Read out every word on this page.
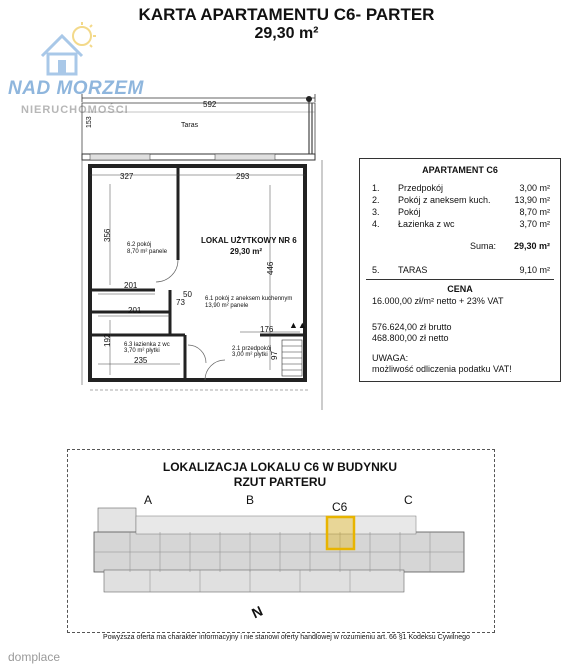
KARTA APARTAMENTU C6- PARTER
29,30 m²
NAD MORZEM
NIERUCHOMOŚCI	592
Taras
153
327	293
356
446
201
201
73
50
176
192
235
97
LOKAL UŻYTKOWY NR 6
29,30 m²
6.2 pokój
8,70 m² panele
6.1 pokój z aneksem kuchennym
13,90 m² panele
6.3 łazienka z wc
3,70 m² płytki	2.1 przedpokój
3,00 m² płytki
▲▲
APARTAMENT C6
1. Przedpokój	3,00 m²
2. Pokój z aneksem kuch.	13,90 m²
3. Pokój	8,70 m²
4. Łazienka z wc	3,70 m²
Suma: 29,30 m²
5. TARAS	9,10 m²
CENA
16.000,00 zł/m² netto + 23% VAT
576.624,00 zł brutto
468.800,00 zł netto
UWAGA:
możliwość odliczenia podatku VAT!
LOKALIZACJA LOKALU C6 W BUDYNKU
RZUT PARTERU
A	B	C6	C
N
Powyższa oferta ma charakter informacyjny i nie stanowi oferty handlowej w rozumieniu art. 66 §1 Kodeksu Cywilnego
domplace
